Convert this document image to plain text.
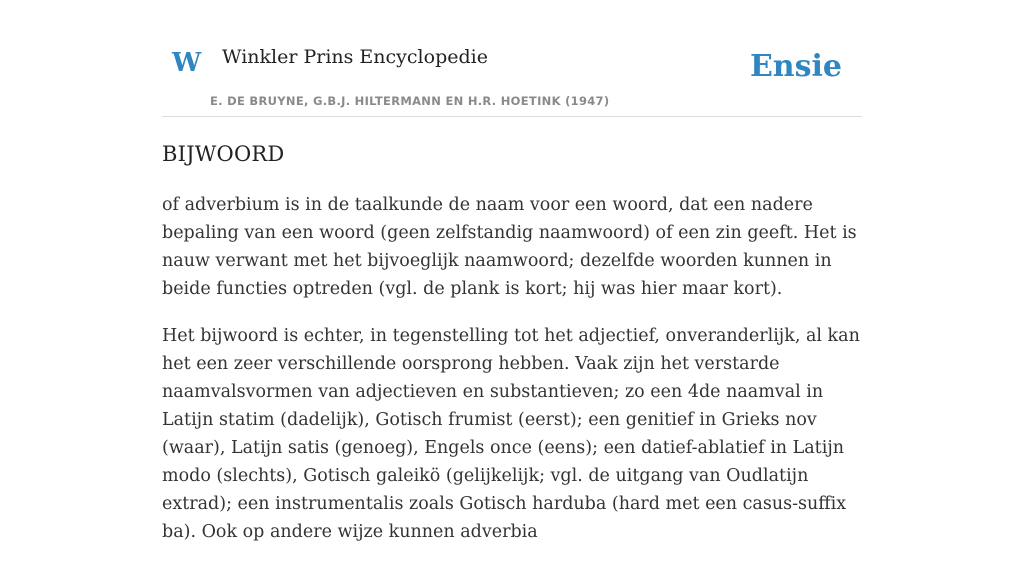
W Winkler Prins Encyclopedie
E. DE BRUYNE, G.B.J. HILTERMANN EN H.R. HOETINK (1947)
Ensie
BIJWOORD

of adverbium is in de taalkunde de naam voor een woord, dat een nadere bepaling van een woord (geen zelfstandig naamwoord) of een zin geeft. Het is nauw verwant met het bijvoeglijk naamwoord; dezelfde woorden kunnen in beide functies optreden (vgl. de plank is kort; hij was hier maar kort).

Het bijwoord is echter, in tegenstelling tot het adjectief, onveranderlijk, al kan het een zeer verschillende oorsprong hebben. Vaak zijn het verstarde naamvalsvormen van adjectieven en substantieven; zo een 4de naamval in Latijn statim (dadelijk), Gotisch frumist (eerst); een genitief in Grieks nov (waar), Latijn satis (genoeg), Engels once (eens); een datief-ablatief in Latijn modo (slechts), Gotisch galeikö (gelijkelijk; vgl. de uitgang van Oudlatijn extrad); een instrumentalis zoals Gotisch harduba (hard met een casus-suffix ba). Ook op andere wijze kunnen adverbia
